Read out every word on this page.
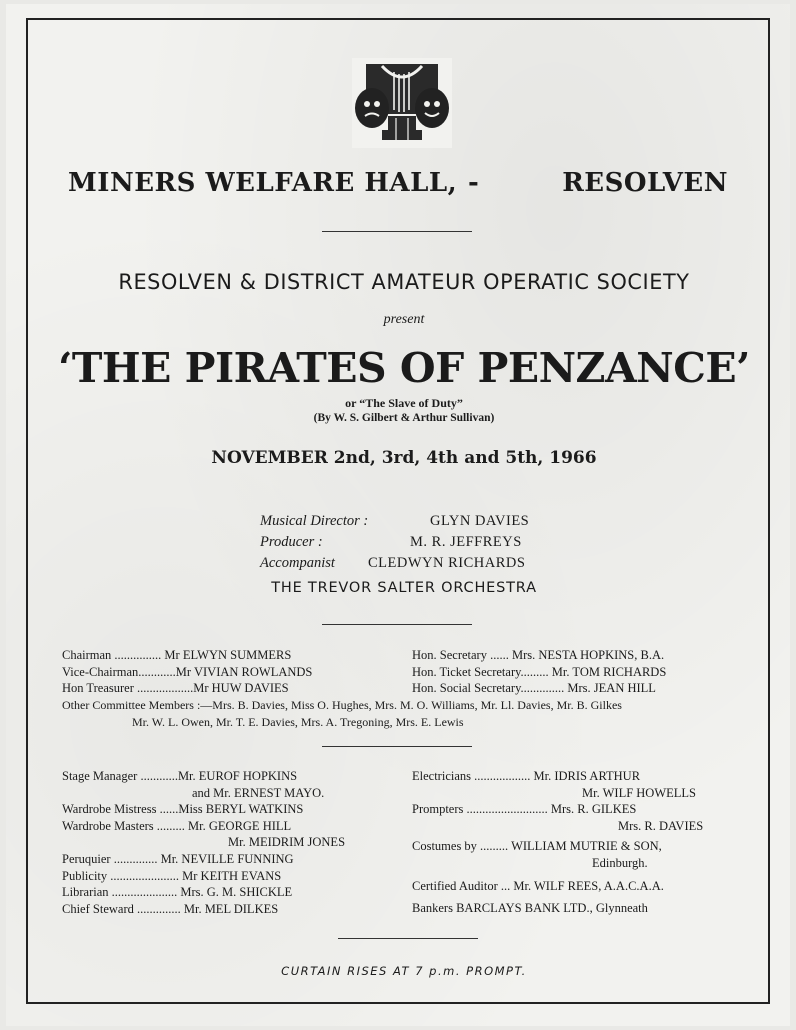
MINERS WELFARE HALL, -	RESOLVEN
RESOLVEN & DISTRICT AMATEUR OPERATIC SOCIETY
present
‘THE PIRATES OF PENZANCE’
or “The Slave of Duty”
(By W. S. Gilbert & Arthur Sullivan)
NOVEMBER 2nd, 3rd, 4th and 5th, 1966
Musical Director :	GLYN DAVIES
Producer :	M. R. JEFFREYS
Accompanist CLEDWYN RICHARDS
THE TREVOR SALTER ORCHESTRA
Chairman ............... Mr ELWYN SUMMERS
Vice-Chairman............Mr VIVIAN ROWLANDS
Hon Treasurer ..................Mr HUW DAVIES
Hon. Secretary ...... Mrs. NESTA HOPKINS, B.A.
Hon. Ticket Secretary......... Mr. TOM RICHARDS
Hon. Social Secretary.............. Mrs. JEAN HILL
Other Committee Members :—Mrs. B. Davies, Miss O. Hughes, Mrs. M. O. Williams, Mr. Ll. Davies, Mr. B. Gilkes
Mr. W. L. Owen, Mr. T. E. Davies, Mrs. A. Tregoning, Mrs. E. Lewis
Stage Manager ............Mr. EUROF HOPKINS
and Mr. ERNEST MAYO.
Wardrobe Mistress ......Miss BERYL WATKINS
Wardrobe Masters ......... Mr. GEORGE HILL
Mr. MEIDRIM JONES
Peruquier .............. Mr. NEVILLE FUNNING
Publicity ...................... Mr KEITH EVANS
Librarian ..................... Mrs. G. M. SHICKLE
Chief Steward .............. Mr. MEL DILKES
Electricians .................. Mr. IDRIS ARTHUR
Mr. WILF HOWELLS
Prompters .......................... Mrs. R. GILKES
Mrs. R. DAVIES
Costumes by ......... WILLIAM MUTRIE & SON,
Edinburgh.
Certified Auditor ... Mr. WILF REES, A.A.C.A.A.
Bankers BARCLAYS BANK LTD., Glynneath
CURTAIN RISES AT 7 p.m. PROMPT.
